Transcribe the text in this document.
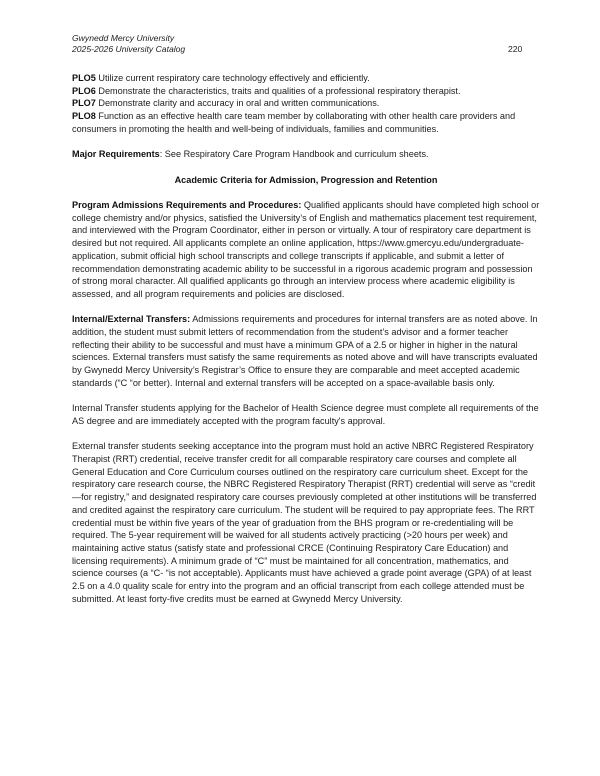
Gwynedd Mercy University
2025-2026 University Catalog	220

PLO5 Utilize current respiratory care technology effectively and efficiently.

PLO6 Demonstrate the characteristics, traits and qualities of a professional respiratory therapist.

PLO7 Demonstrate clarity and accuracy in oral and written communications.

PLO8 Function as an effective health care team member by collaborating with other health care providers and consumers in promoting the health and well-being of individuals, families and communities.

Major Requirements: See Respiratory Care Program Handbook and curriculum sheets.

Academic Criteria for Admission, Progression and Retention

Program Admissions Requirements and Procedures: Qualified applicants should have completed high school or college chemistry and/or physics, satisfied the University’s of English and mathematics placement test requirement, and interviewed with the Program Coordinator, either in person or virtually. A tour of respiratory care department is desired but not required. All applicants complete an online application, https://www.gmercyu.edu/undergraduate-application, submit official high school transcripts and college transcripts if applicable, and submit a letter of recommendation demonstrating academic ability to be successful in a rigorous academic program and possession of strong moral character. All qualified applicants go through an interview process where academic eligibility is assessed, and all program requirements and policies are disclosed.

Internal/External Transfers: Admissions requirements and procedures for internal transfers are as noted above. In addition, the student must submit letters of recommendation from the student’s advisor and a former teacher reflecting their ability to be successful and must have a minimum GPA of a 2.5 or higher in higher in the natural sciences. External transfers must satisfy the same requirements as noted above and will have transcripts evaluated by Gwynedd Mercy University’s Registrar’s Office to ensure they are comparable and meet accepted academic standards (“C “or better). Internal and external transfers will be accepted on a space-available basis only.

Internal Transfer students applying for the Bachelor of Health Science degree must complete all requirements of the AS degree and are immediately accepted with the program faculty's approval.

External transfer students seeking acceptance into the program must hold an active NBRC Registered Respiratory Therapist (RRT) credential, receive transfer credit for all comparable respiratory care courses and complete all General Education and Core Curriculum courses outlined on the respiratory care curriculum sheet. Except for the respiratory care research course, the NBRC Registered Respiratory Therapist (RRT) credential will serve as “credit—for registry,” and designated respiratory care courses previously completed at other institutions will be transferred and credited against the respiratory care curriculum. The student will be required to pay appropriate fees. The RRT credential must be within five years of the year of graduation from the BHS program or re-credentialing will be required. The 5-year requirement will be waived for all students actively practicing (>20 hours per week) and maintaining active status (satisfy state and professional CRCE (Continuing Respiratory Care Education) and licensing requirements). A minimum grade of “C” must be maintained for all concentration, mathematics, and science courses (a “C- “is not acceptable). Applicants must have achieved a grade point average (GPA) of at least 2.5 on a 4.0 quality scale for entry into the program and an official transcript from each college attended must be submitted. At least forty-five credits must be earned at Gwynedd Mercy University.
